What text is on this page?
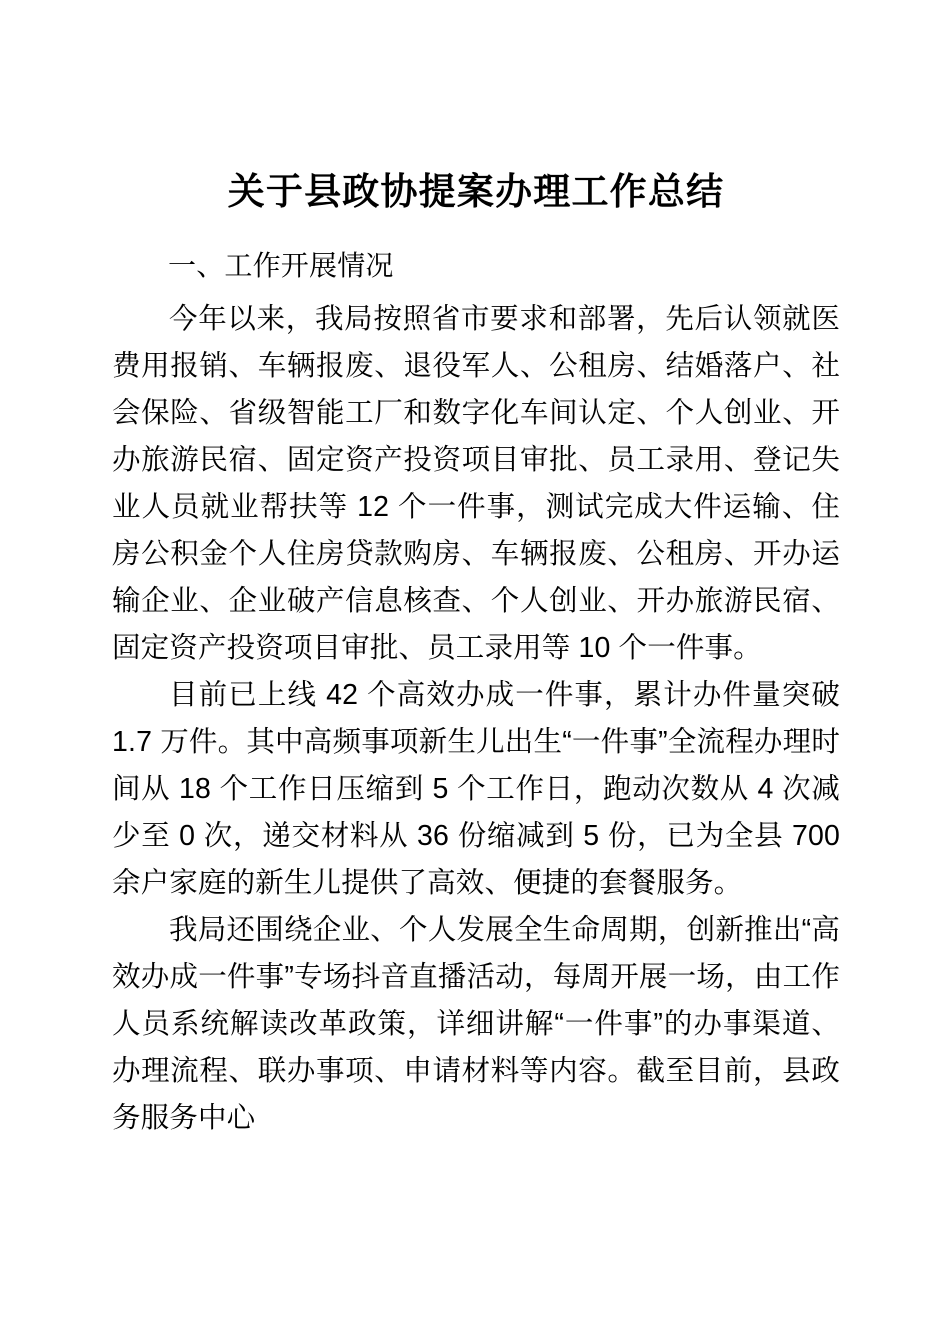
关于县政协提案办理工作总结

一、工作开展情况

今年以来，我局按照省市要求和部署，先后认领就医费用报销、车辆报废、退役军人、公租房、结婚落户、社会保险、省级智能工厂和数字化车间认定、个人创业、开办旅游民宿、固定资产投资项目审批、员工录用、登记失业人员就业帮扶等 12 个一件事，测试完成大件运输、住房公积金个人住房贷款购房、车辆报废、公租房、开办运输企业、企业破产信息核查、个人创业、开办旅游民宿、固定资产投资项目审批、员工录用等 10 个一件事。

目前已上线 42 个高效办成一件事，累计办件量突破 1.7 万件。其中高频事项新生儿出生“一件事”全流程办理时间从 18 个工作日压缩到 5 个工作日，跑动次数从 4 次减少至 0 次，递交材料从 36 份缩减到 5 份，已为全县 700 余户家庭的新生儿提供了高效、便捷的套餐服务。

我局还围绕企业、个人发展全生命周期，创新推出“高效办成一件事”专场抖音直播活动，每周开展一场，由工作人员系统解读改革政策，详细讲解“一件事”的办事渠道、办理流程、联办事项、申请材料等内容。截至目前，县政务服务中心
